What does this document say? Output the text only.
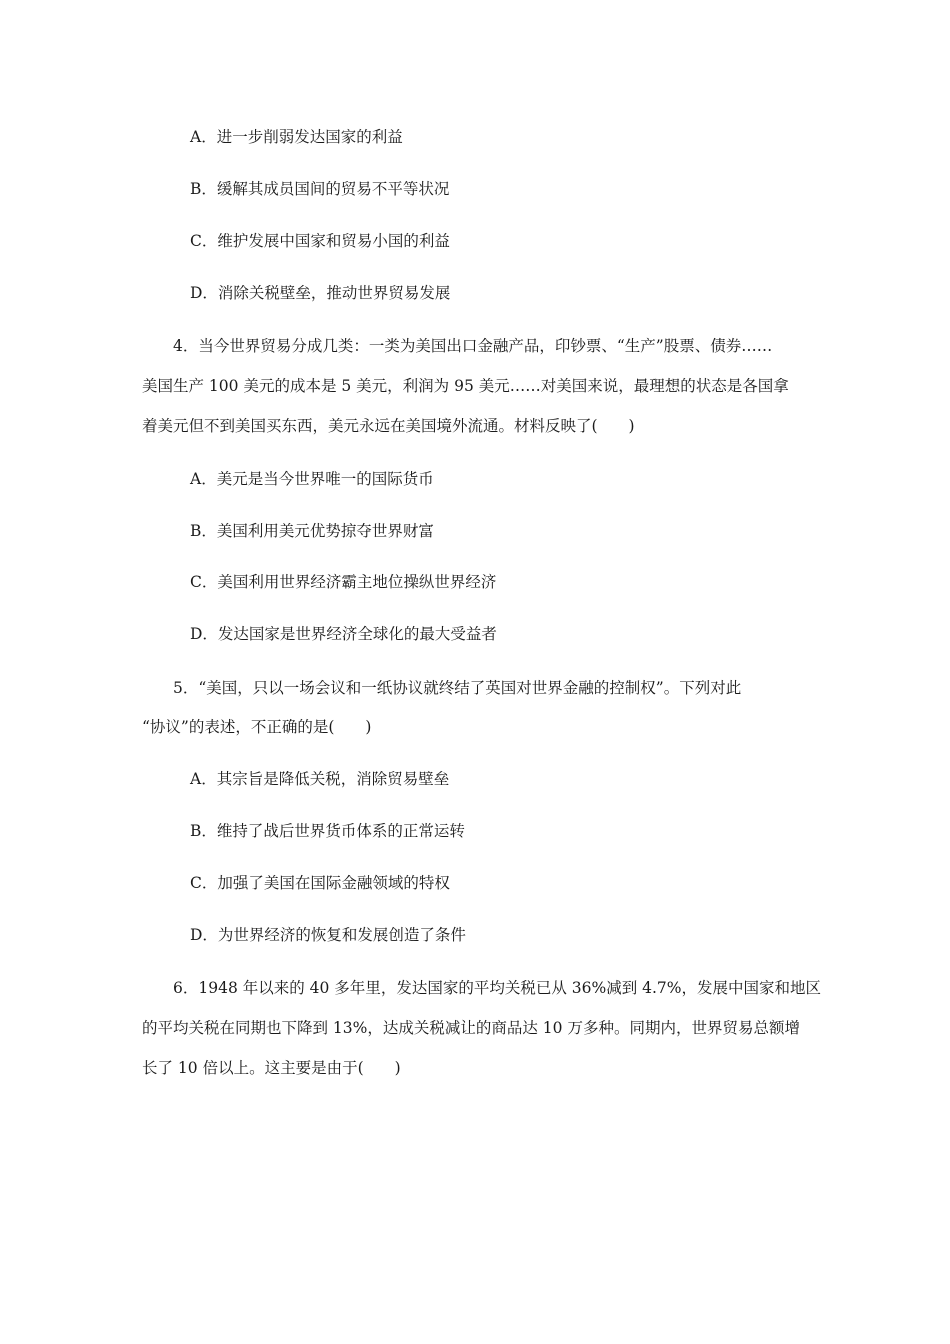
A．进一步削弱发达国家的利益
B．缓解其成员国间的贸易不平等状况
C．维护发展中国家和贸易小国的利益
D．消除关税壁垒，推动世界贸易发展
4．当今世界贸易分成几类：一类为美国出口金融产品，印钞票、“生产”股票、债券……
美国生产 100 美元的成本是 5 美元，利润为 95 美元……对美国来说，最理想的状态是各国拿
着美元但不到美国买东西，美元永远在美国境外流通。材料反映了(　　)
A．美元是当今世界唯一的国际货币
B．美国利用美元优势掠夺世界财富
C．美国利用世界经济霸主地位操纵世界经济
D．发达国家是世界经济全球化的最大受益者
5．“美国，只以一场会议和一纸协议就终结了英国对世界金融的控制权”。下列对此
“协议”的表述，不正确的是(　　)
A．其宗旨是降低关税，消除贸易壁垒
B．维持了战后世界货币体系的正常运转
C．加强了美国在国际金融领域的特权
D．为世界经济的恢复和发展创造了条件
6．1948 年以来的 40 多年里，发达国家的平均关税已从 36%减到 4.7%，发展中国家和地区
的平均关税在同期也下降到 13%，达成关税减让的商品达 10 万多种。同期内，世界贸易总额增
长了 10 倍以上。这主要是由于(　　)
